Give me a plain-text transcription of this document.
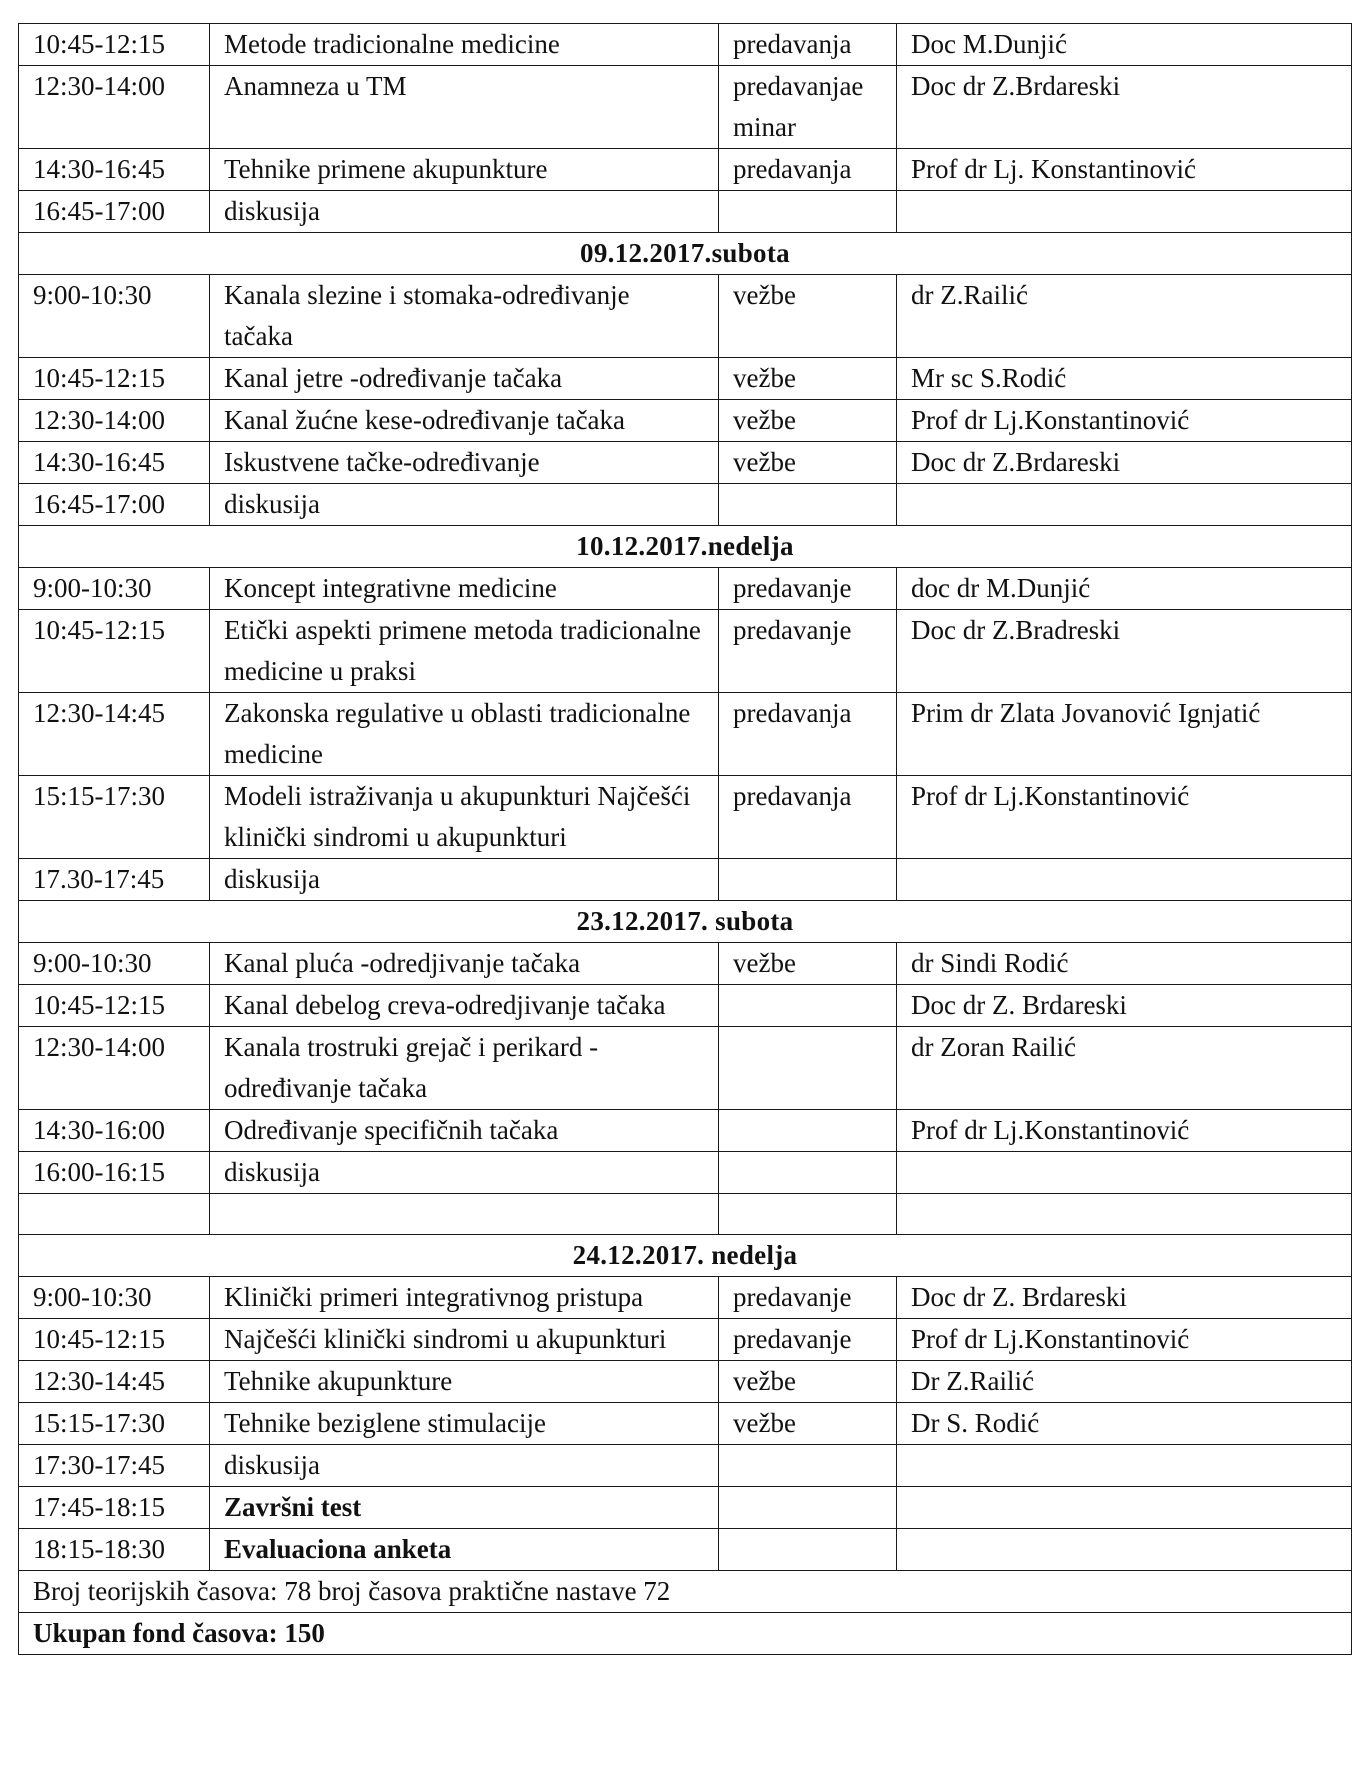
10:45-12:15	Metode tradicionalne medicine	predavanja	Doc M.Dunjić
12:30-14:00	Anamneza u TM	predavanjae minar	Doc dr Z.Brdareski
14:30-16:45	Tehnike primene akupunkture	predavanja	Prof dr Lj. Konstantinović
16:45-17:00	diskusija		
09.12.2017.subota			
9:00-10:30	Kanala slezine i stomaka-određivanje tačaka	vežbe	dr Z.Railić
10:45-12:15	Kanal jetre -određivanje tačaka	vežbe	Mr sc S.Rodić
12:30-14:00	Kanal žućne kese-određivanje tačaka	vežbe	Prof dr Lj.Konstantinović
14:30-16:45	Iskustvene tačke-određivanje	vežbe	Doc dr Z.Brdareski
16:45-17:00	diskusija		
10.12.2017.nedelja			
9:00-10:30	Koncept integrativne medicine	predavanje	doc dr M.Dunjić
10:45-12:15	Etički aspekti primene metoda tradicionalne medicine u praksi	predavanje	Doc dr Z.Bradreski
12:30-14:45	Zakonska regulative u oblasti tradicionalne medicine	predavanja	Prim dr Zlata Jovanović Ignjatić
15:15-17:30	Modeli istraživanja u akupunkturi Najčešći klinički sindromi u akupunkturi	predavanja	Prof dr Lj.Konstantinović
17.30-17:45	diskusija		
23.12.2017. subota			
9:00-10:30	Kanal pluća -odredjivanje tačaka	vežbe	dr Sindi Rodić
10:45-12:15	Kanal debelog creva-odredjivanje tačaka		Doc dr Z. Brdareski
12:30-14:00	Kanala trostruki grejač i perikard -određivanje tačaka		dr Zoran Railić
14:30-16:00	Određivanje specifičnih tačaka		Prof dr Lj.Konstantinović
16:00-16:15	diskusija		

24.12.2017. nedelja			
9:00-10:30	Klinički primeri integrativnog pristupa	predavanje	Doc dr Z. Brdareski
10:45-12:15	Najčešći klinički sindromi u akupunkturi	predavanje	Prof dr Lj.Konstantinović
12:30-14:45	Tehnike akupunkture	vežbe	Dr Z.Railić
15:15-17:30	Tehnike beziglene stimulacije	vežbe	Dr S. Rodić
17:30-17:45	diskusija		
17:45-18:15	Završni test		
18:15-18:30	Evaluaciona anketa		
Broj teorijskih časova: 78 broj časova praktične nastave 72			
Ukupan fond časova: 150			
